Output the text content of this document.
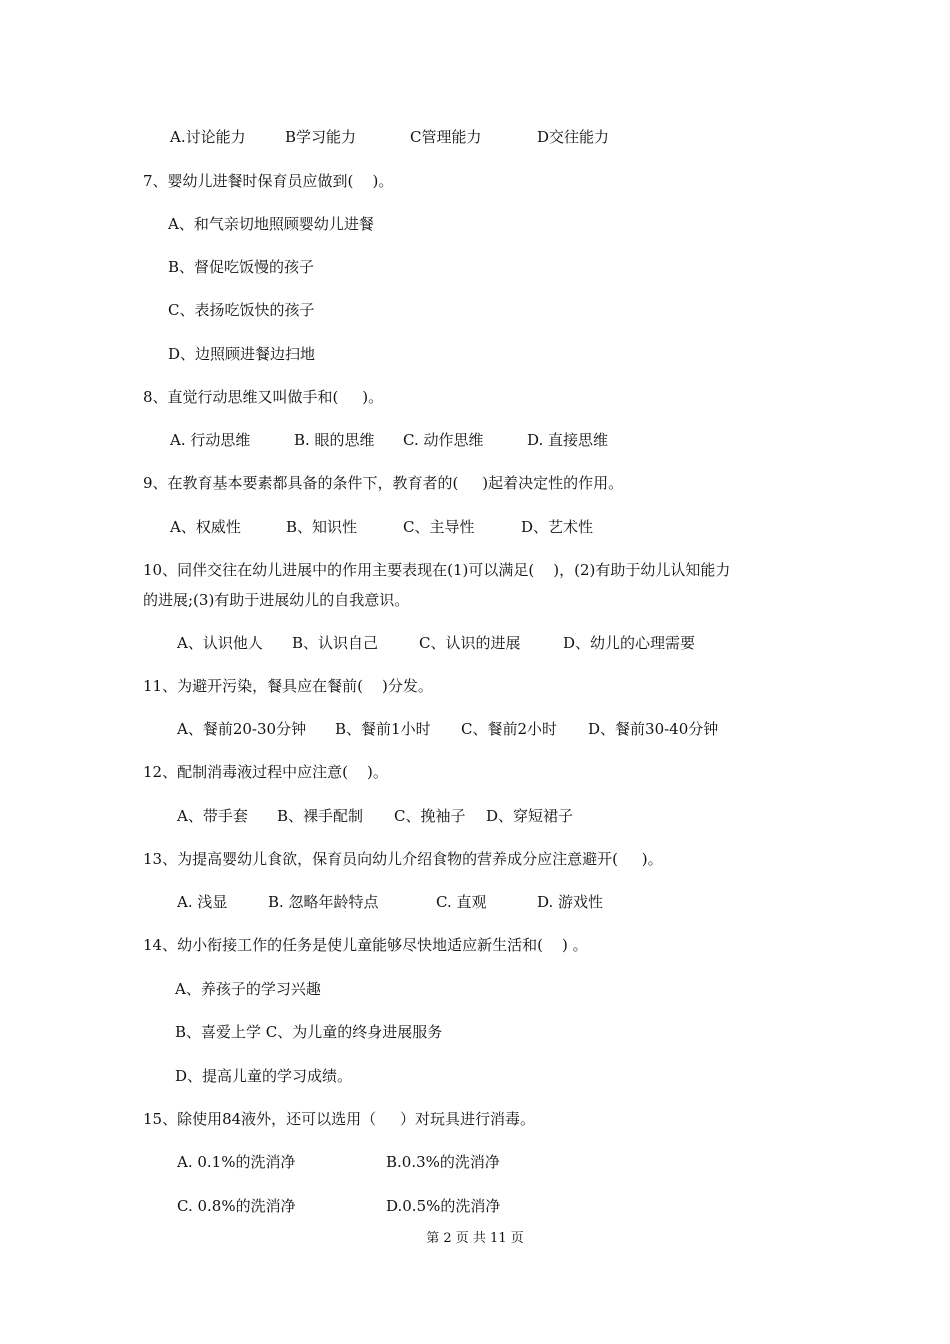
A.讨论能力	B学习能力	C管理能力	D交往能力
7、婴幼儿进餐时保育员应做到(    )。
A、和气亲切地照顾婴幼儿进餐
B、督促吃饭慢的孩子
C、表扬吃饭快的孩子
D、边照顾进餐边扫地
8、直觉行动思维又叫做手和(     )。
A. 行动思维	B. 眼的思维 C. 动作思维	D. 直接思维
9、在教育基本要素都具备的条件下，教育者的(     )起着决定性的作用。
A、权威性	B、知识性	C、主导性	D、艺术性
10、同伴交往在幼儿进展中的作用主要表现在(1)可以满足(    )，(2)有助于幼儿认知能力
的进展;(3)有助于进展幼儿的自我意识。
A、认识他人 B、认识自己	C、认识的进展	D、幼儿的心理需要
11、为避开污染，餐具应在餐前(    )分发。
A、餐前20-30分钟 B、餐前1小时 C、餐前2小时 D、餐前30-40分钟
12、配制消毒液过程中应注意(    )。
A、带手套 B、裸手配制 C、挽袖子 D、穿短裙子
13、为提高婴幼儿食欲，保育员向幼儿介绍食物的营养成分应注意避开(     )。
A. 浅显	B. 忽略年龄特点	C. 直观	D. 游戏性
14、幼小衔接工作的任务是使儿童能够尽快地适应新生活和(    ) 。
A、养孩子的学习兴趣
B、喜爱上学 C、为儿童的终身进展服务
D、提高儿童的学习成绩。
15、除使用84液外，还可以选用（     ）对玩具进行消毒。
A. 0.1%的洗消净	B.0.3%的洗消净
C. 0.8%的洗消净	D.0.5%的洗消净
第 2 页 共 11 页
